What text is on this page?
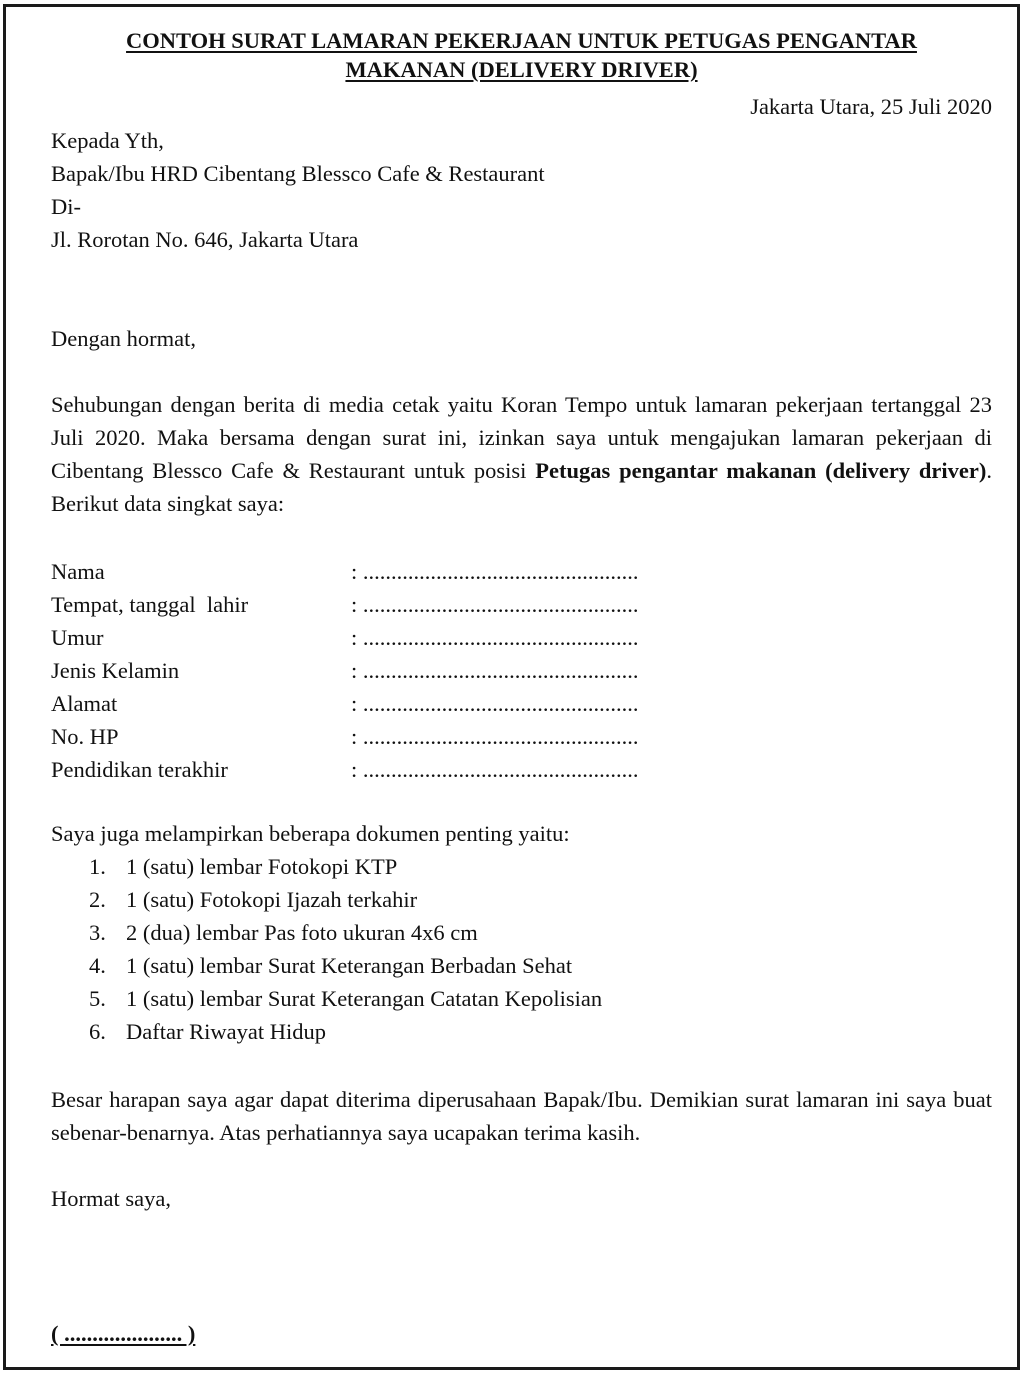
CONTOH SURAT LAMARAN PEKERJAAN UNTUK PETUGAS PENGANTAR
MAKANAN (DELIVERY DRIVER)
Jakarta Utara, 25 Juli 2020
Kepada Yth,
Bapak/Ibu HRD Cibentang Blessco Cafe & Restaurant
Di-
Jl. Rorotan No. 646, Jakarta Utara
Dengan hormat,
Sehubungan dengan berita di media cetak yaitu Koran Tempo untuk lamaran pekerjaan tertanggal 23 Juli 2020. Maka bersama dengan surat ini, izinkan saya untuk mengajukan lamaran pekerjaan di Cibentang Blessco Cafe & Restaurant untuk posisi Petugas pengantar makanan (delivery driver). Berikut data singkat saya:
Nama	: .................................................
Tempat, tanggal  lahir	: .................................................
Umur	: .................................................
Jenis Kelamin	: .................................................
Alamat	: .................................................
No. HP	: .................................................
Pendidikan terakhir	: .................................................
Saya juga melampirkan beberapa dokumen penting yaitu:
1. 1 (satu) lembar Fotokopi KTP
2. 1 (satu) Fotokopi Ijazah terkahir
3. 2 (dua) lembar Pas foto ukuran 4x6 cm
4. 1 (satu) lembar Surat Keterangan Berbadan Sehat
5. 1 (satu) lembar Surat Keterangan Catatan Kepolisian
6. Daftar Riwayat Hidup
Besar harapan saya agar dapat diterima diperusahaan Bapak/Ibu. Demikian surat lamaran ini saya buat sebenar-benarnya. Atas perhatiannya saya ucapakan terima kasih.
Hormat saya,
( ..................... )
